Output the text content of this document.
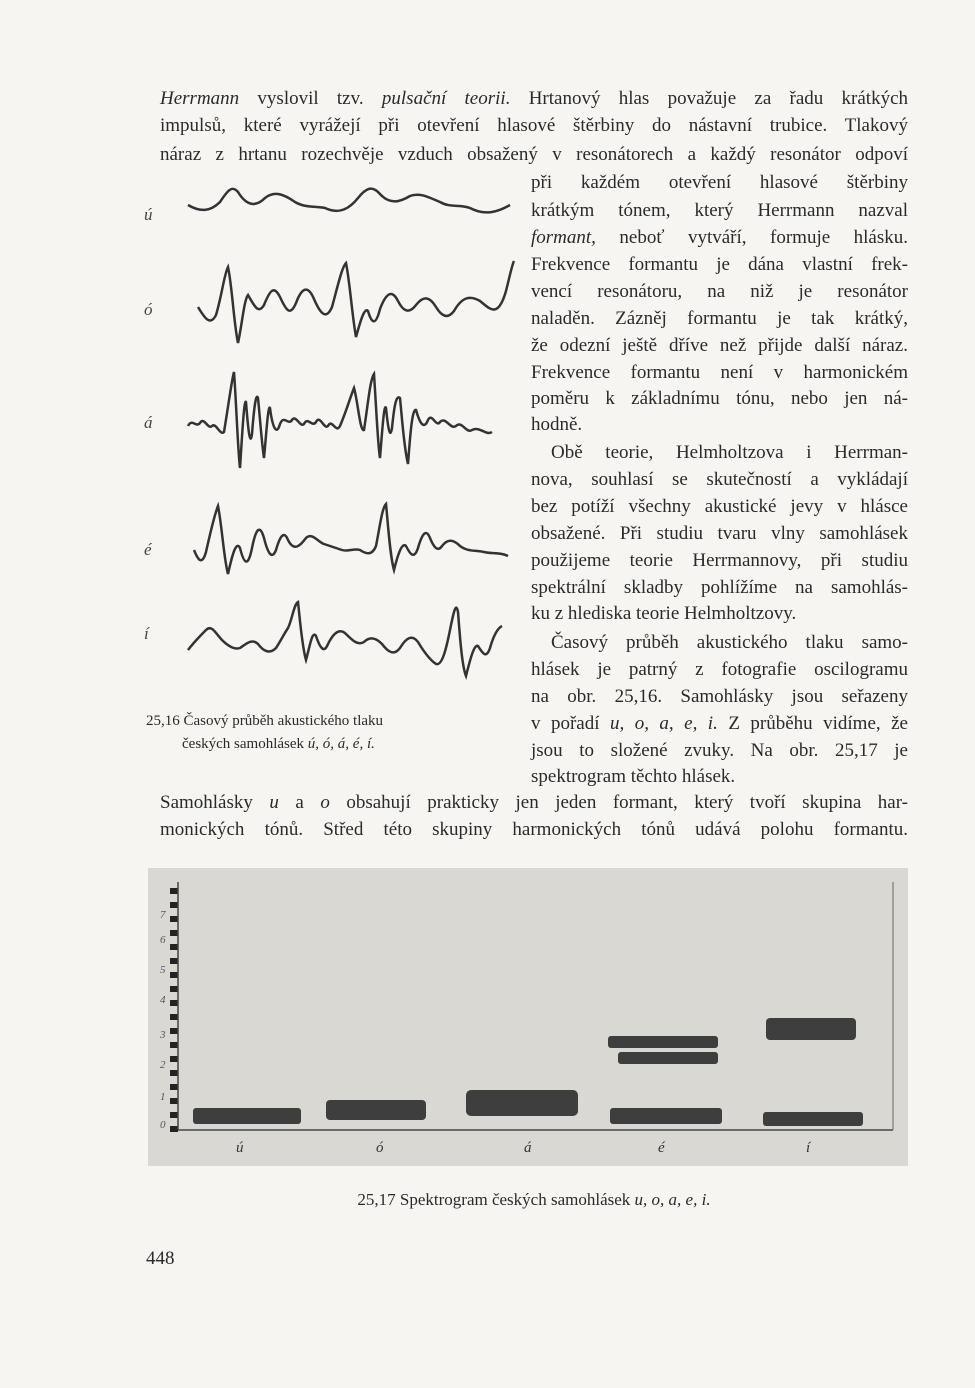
Herrmann vyslovil tzv. pulsační teorii. Hrtanový hlas považuje za řadu krátkých
impulsů, které vyrážejí při otevření hlasové štěrbiny do nástavní trubice. Tlakový
náraz z hrtanu rozechvěje vzduch obsažený v resonátorech a každý resonátor odpoví
při každém otevření hlasové štěrbiny
krátkým tónem, který Herrmann nazval
formant, neboť vytváří, formuje hlásku.
Frekvence formantu je dána vlastní frek-
vencí resonátoru, na niž je resonátor
naladěn. Zázněj formantu je tak krátký,
že odezní ještě dříve než přijde další náraz.
Frekvence formantu není v harmonickém
poměru k základnímu tónu, nebo jen ná-
hodně.
Obě teorie, Helmholtzova i Herrman-
nova, souhlasí se skutečností a vykládají
bez potíží všechny akustické jevy v hlásce
obsažené. Při studiu tvaru vlny samohlásek
použijeme teorie Herrmannovy, při studiu
spektrální skladby pohlížíme na samohlás-
ku z hlediska teorie Helmholtzovy.
Časový průběh akustického tlaku samo-
hlásek je patrný z fotografie oscilogramu
na obr. 25,16. Samohlásky jsou seřazeny
v pořadí u, o, a, e, i. Z průběhu vidíme, že
jsou to složené zvuky. Na obr. 25,17 je
spektrogram těchto hlásek.
Samohlásky u a o obsahují prakticky jen jeden formant, který tvoří skupina har-
monických tónů. Střed této skupiny harmonických tónů udává polohu formantu.
ú
ó
á
é
í
25,16 Časový průběh akustického tlaku
českých samohlásek ú, ó, á, é, í.
7
6
5
4
3
2
1
0
ú	ó	á	é	í
25,17 Spektrogram českých samohlásek u, o, a, e, i.
448
